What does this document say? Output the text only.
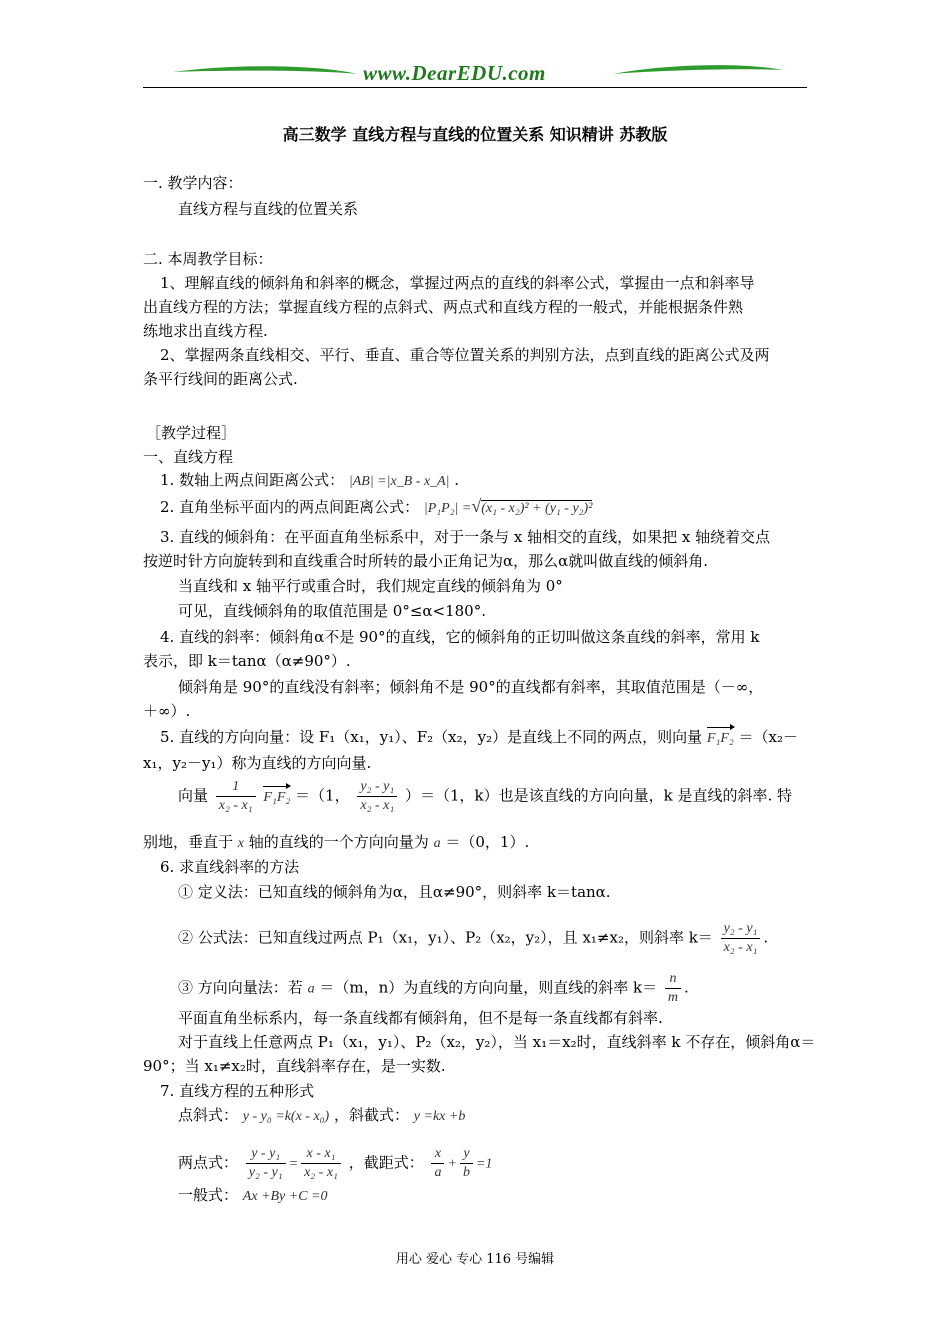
www.DearEDU.com
高三数学 直线方程与直线的位置关系 知识精讲 苏教版
一. 教学内容：
直线方程与直线的位置关系
二. 本周教学目标：
1、理解直线的倾斜角和斜率的概念，掌握过两点的直线的斜率公式，掌握由一点和斜率导
出直线方程的方法；掌握直线方程的点斜式、两点式和直线方程的一般式，并能根据条件熟
练地求出直线方程.
2、掌握两条直线相交、平行、垂直、重合等位置关系的判别方法，点到直线的距离公式及两
条平行线间的距离公式.
［教学过程］
一、直线方程
1. 数轴上两点间距离公式： |AB| =|x_B - x_A| .
2. 直角坐标平面内的两点间距离公式： |P₁P₂| =√(x₁ - x₂)² + (y₁ - y₂)²
3. 直线的倾斜角：在平面直角坐标系中，对于一条与 x 轴相交的直线，如果把 x 轴绕着交点
按逆时针方向旋转到和直线重合时所转的最小正角记为α，那么α就叫做直线的倾斜角.
当直线和 x 轴平行或重合时，我们规定直线的倾斜角为 0°
可见，直线倾斜角的取值范围是 0°≤α<180°.
4. 直线的斜率：倾斜角α不是 90°的直线，它的倾斜角的正切叫做这条直线的斜率，常用 k
表示，即 k＝tanα（α≠90°）.
倾斜角是 90°的直线没有斜率；倾斜角不是 90°的直线都有斜率，其取值范围是（－∞，
＋∞）.
5. 直线的方向向量：设 F₁（x₁，y₁）、F₂（x₂，y₂）是直线上不同的两点，则向量 F₁F₂ ＝（x₂－
x₁，y₂－y₁）称为直线的方向向量.
向量 $\frac{1}{\text{x₂ - x₁}} F_1F_2 =(1$， $\frac{\text{y₂ - y₁}}{\text{x₂ - x₁}} )=(1$，k）也是该直线的方向向量，k 是直线的斜率. 特
别地，垂直于 x 轴的直线的一个方向向量为 a ＝（0，1）.
6. 求直线斜率的方法
① 定义法：已知直线的倾斜角为α，且α≠90°，则斜率 k＝tanα.
② 公式法：已知直线过两点 P₁（x₁，y₁）、P₂（x₂，y₂），且 x₁≠x₂，则斜率 $k= \frac{\text{y₂ - y₁}}{\text{x₂ - x₁}}$ .
③ 方向向量法：若 a ＝（m，n）为直线的方向向量，则直线的斜率 $k= \frac{n}{m}$ .
平面直角坐标系内，每一条直线都有倾斜角，但不是每一条直线都有斜率.
对于直线上任意两点 P₁（x₁，y₁）、P₂（x₂，y₂），当 x₁＝x₂时，直线斜率 k 不存在，倾斜角α＝
90°；当 x₁≠x₂时，直线斜率存在，是一实数.
7. 直线方程的五种形式
点斜式： y - y₀ =k(x - x₀) ，斜截式： y =kx +b
两点式： $\frac{\text{y - y₁}}{\text{y₂ - y₁}} = \frac{\text{x - x₁}}{\text{x₂ - x₁}}$ ，截距式： $\frac{x}{a} + \frac{y}{b} =1$
一般式： Ax +By +C =0
用心 爱心 专心 116 号编辑
